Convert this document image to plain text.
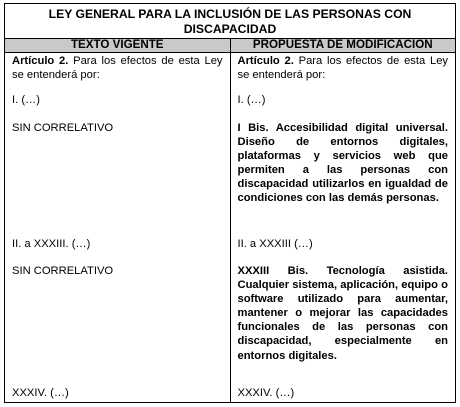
LEY GENERAL PARA LA INCLUSIÓN DE LAS PERSONAS CON DISCAPACIDAD
TEXTO VIGENTE	PROPUESTA DE MODIFICACIÓN
Artículo 2. Para los efectos de esta Ley se entenderá por:
I. (…)
SIN CORRELATIVO
II. a XXXIII. (…)
SIN CORRELATIVO
XXXIV. (…)
Artículo 2. Para los efectos de esta Ley se entenderá por:
I. (…)
I Bis. Accesibilidad digital universal. Diseño de entornos digitales, plataformas y servicios web que permiten a las personas con discapacidad utilizarlos en igualdad de condiciones con las demás personas.
II. a XXXIII (…)
XXXIII Bis. Tecnología asistida. Cualquier sistema, aplicación, equipo o software utilizado para aumentar, mantener o mejorar las capacidades funcionales de las personas con discapacidad, especialmente en entornos digitales.
XXXIV. (…)
